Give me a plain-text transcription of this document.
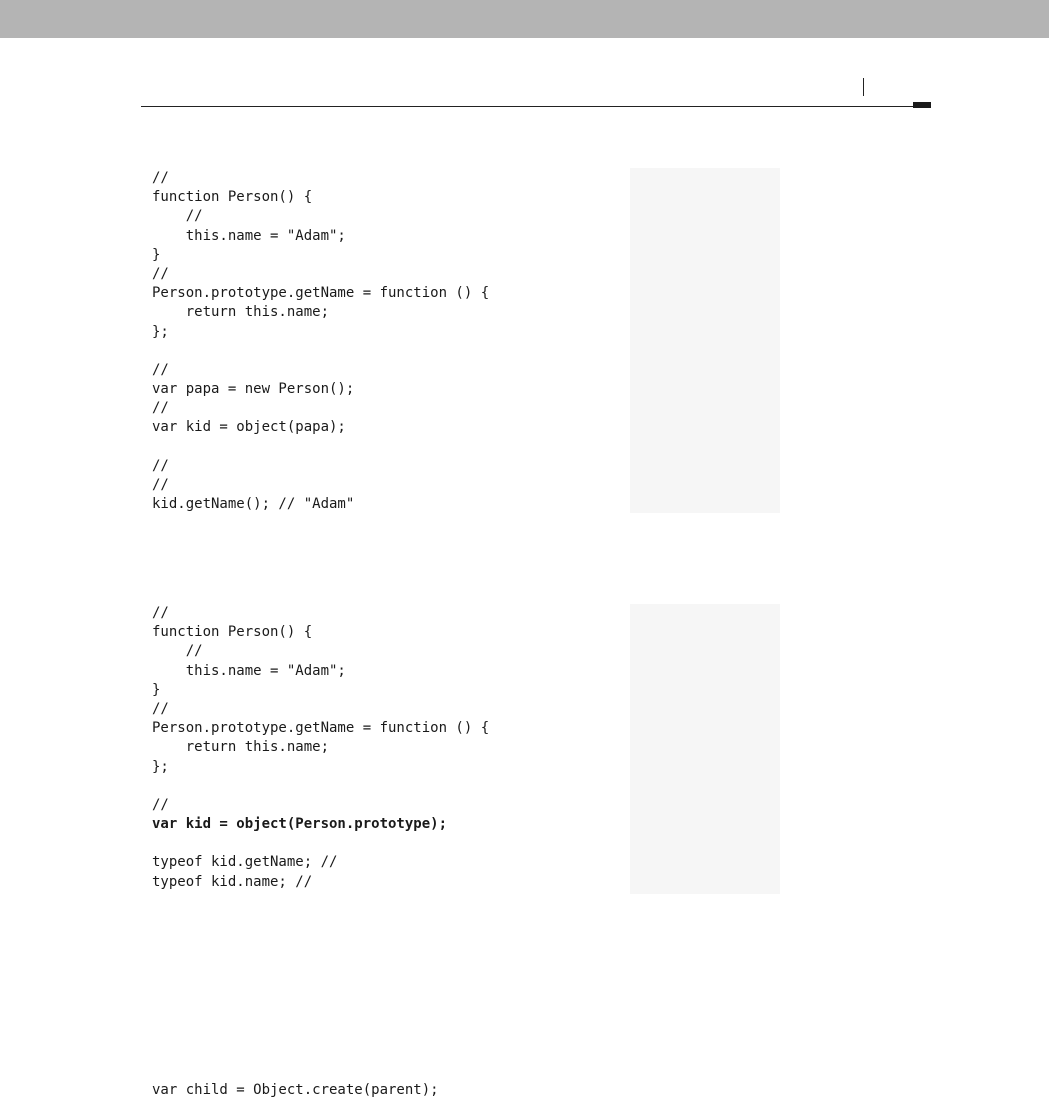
//
function Person() {
//
this.name = "Adam";
}
//
Person.prototype.getName = function () {
return this.name;
};
//
var papa = new Person();
//
var kid = object(papa);
//
//
kid.getName(); // "Adam"
//
function Person() {
//
this.name = "Adam";
}
//
Person.prototype.getName = function () {
return this.name;
};
//
var kid = object(Person.prototype);
typeof kid.getName; //
typeof kid.name; //
var child = Object.create(parent);
